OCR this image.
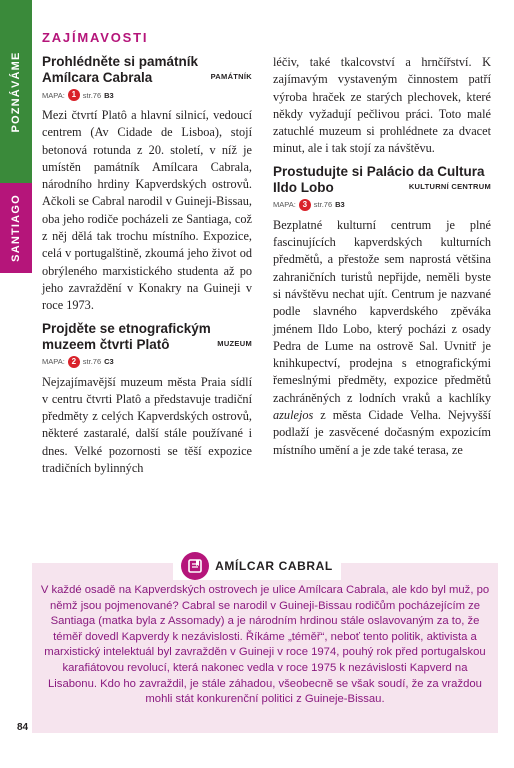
POZNÁVÁME
SANTIAGO
ZAJÍMAVOSTI
Prohlédněte si památník
Amílcara Cabrala	PAMÁTNÍK
MAPA: 1 str.76 B3

Mezi čtvrtí Platô a hlavní silnicí, vedoucí centrem (Av Cidade de Lisboa), stojí betonová rotunda z 20. století, v níž je umístěn památník Amílcara Cabrala, národního hrdiny Kapverdských ostrovů. Ačkoli se Cabral narodil v Guineji-Bissau, oba jeho rodiče pocházeli ze Santiaga, což z něj dělá tak trochu místního. Expozice, celá v portugalštině, zkoumá jeho život od obrýleného marxistického studenta až po jeho zavraždění v Konakry na Guineji v roce 1973.

Projděte se etnografickým
muzeem čtvrti Platô	MUZEUM
MAPA: 2 str.76 C3

Nejzajímavější muzeum města Praia sídlí v centru čtvrti Platô a představuje tradiční předměty z celých Kapverdských ostrovů, některé zastaralé, další stále používané i dnes. Velké pozornosti se těší expozice tradičních bylinných

léčiv, také tkalcovství a hrnčířství. K zajímavým vystaveným činnostem patří výroba hraček ze starých plechovek, které někdy vyžadují pečlivou práci. Toto malé zatuchlé muzeum si prohlédnete za dvacet minut, ale i tak stojí za návštěvu.

Prostudujte si Palácio da Cultura
Ildo Lobo	KULTURNÍ CENTRUM
MAPA: 3 str.76 B3

Bezplatné kulturní centrum je plné fascinujících kapverdských kulturních předmětů, a přestože sem naprostá většina zahraničních turistů nepřijde, neměli byste si návštěvu nechat ujít. Centrum je nazvané podle slavného kapverdského zpěváka jménem Ildo Lobo, který pocházi z osady Pedra de Lume na ostrově Sal. Uvnitř je knihkupectví, prodejna s etnografickými řemeslnými předměty, expozice předmětů zachráněných z lodních vraků a kachlíky azulejos z města Cidade Velha. Nejvyšší podlaží je zasvěcené dočasným expozicím místního umění a je zde také terasa, ze

AMÍLCAR CABRAL
V každé osadě na Kapverdských ostrovech je ulice Amílcara Cabrala, ale kdo byl muž, po němž jsou pojmenované? Cabral se narodil v Guineji-Bissau rodičům pocházejícím ze Santiaga (matka byla z Assomady) a je národním hrdinou stále oslavovaným za to, že téměř dovedl Kapverdy k nezávislosti. Říkáme „téměř“, neboť tento politik, aktivista a marxistický intelektuál byl zavražděn v Guineji v roce 1974, pouhý rok před portugalskou karafiátovou revolucí, která nakonec vedla v roce 1975 k nezávislosti Kapverd na Lisabonu. Kdo ho zavraždil, je stále záhadou, všeobecně se však soudí, že za vraždou mohli stát konkurenční politici z Guineje-Bissau.
84
